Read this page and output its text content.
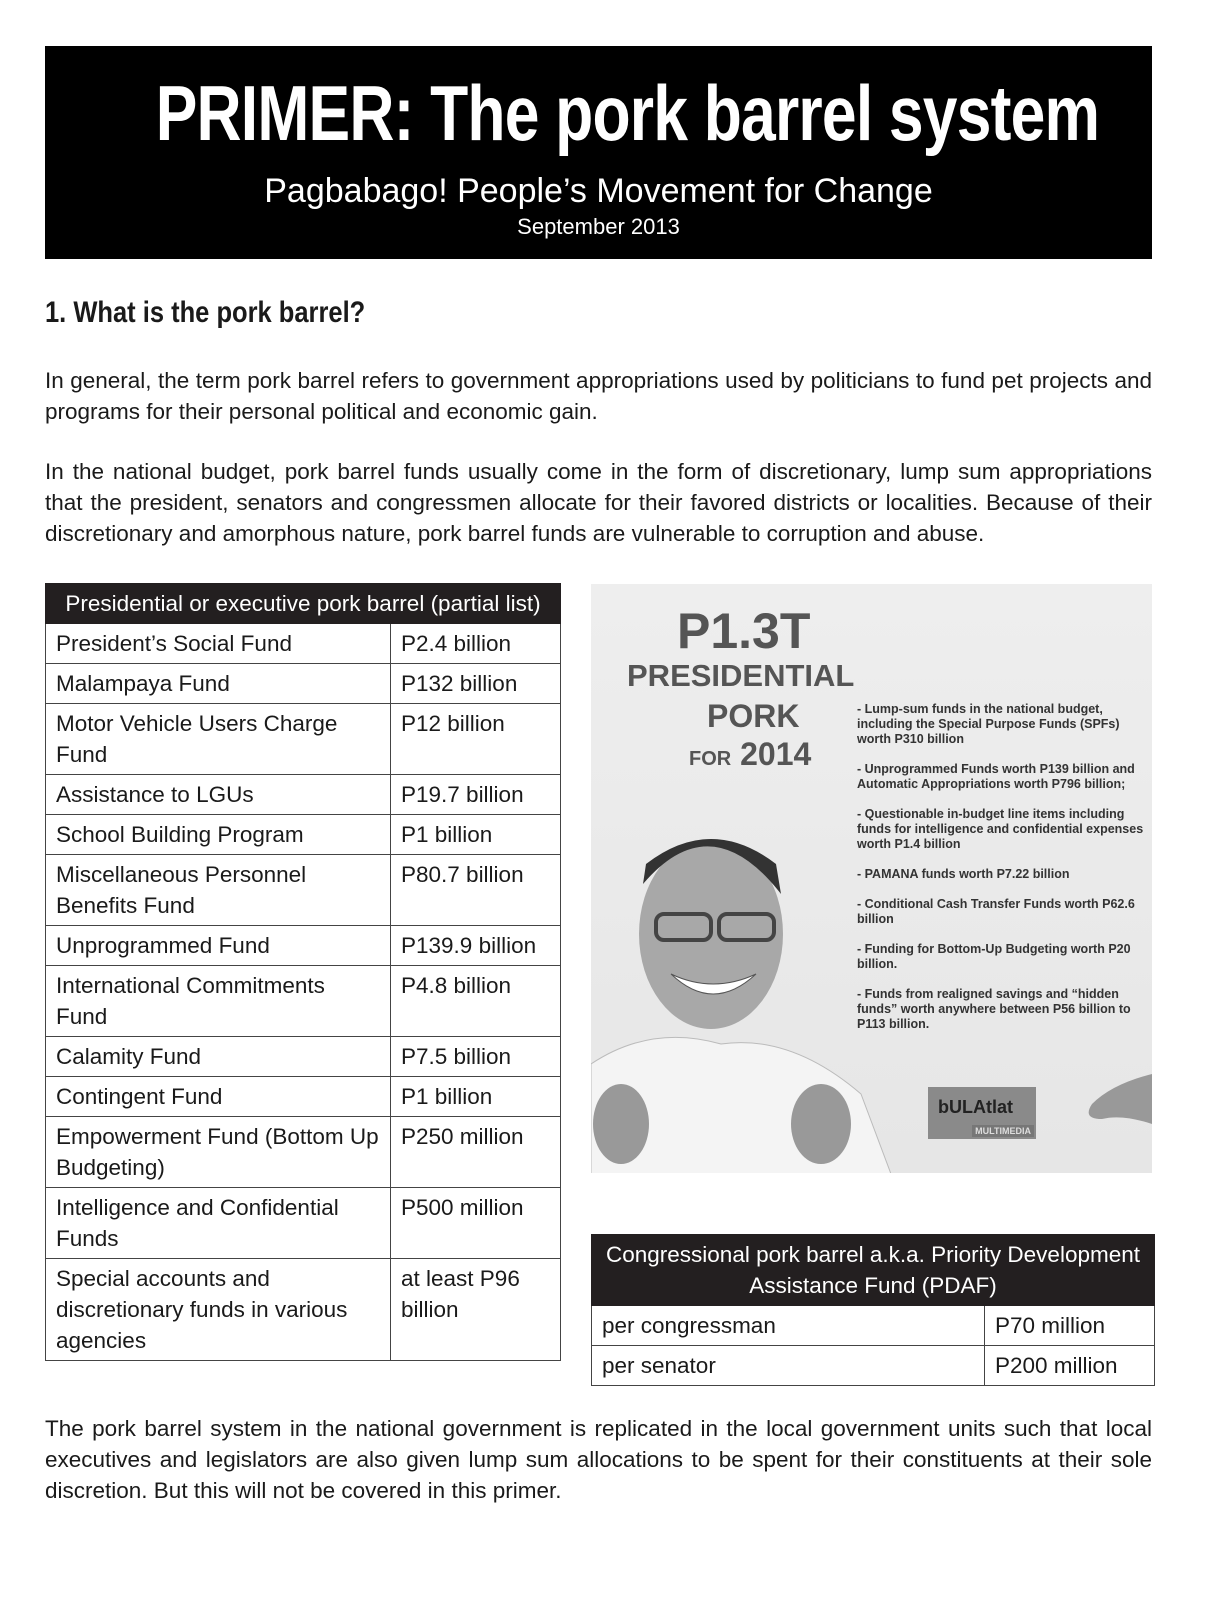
PRIMER: The pork barrel system
Pagbabago! People’s Movement for Change
September 2013
1. What is the pork barrel?
In general, the term pork barrel refers to government appropriations used by politicians to fund pet projects and programs for their personal political and economic gain.
In the national budget, pork barrel funds usually come in the form of discretionary, lump sum appropriations that the president, senators and congressmen allocate for their favored districts or localities. Because of their discretionary and amorphous nature, pork barrel funds are vulnerable to corruption and abuse.
Presidential or executive pork barrel (partial list)	
President’s Social Fund	P2.4 billion
Malampaya Fund	P132 billion
Motor Vehicle Users Charge Fund	P12 billion
Assistance to LGUs	P19.7 billion
School Building Program	P1 billion
Miscellaneous Personnel Benefits Fund	P80.7 billion
Unprogrammed Fund	P139.9 billion
International Commitments Fund	P4.8 billion
Calamity Fund	P7.5 billion
Contingent Fund	P1 billion
Empowerment Fund (Bottom Up Budgeting)	P250 million
Intelligence and Confidential Funds	P500 million
Special accounts and discretionary funds in various agencies	at least P96 billion
P1.3T
PRESIDENTIAL
PORK
FOR 2014
- Lump-sum funds in the national budget, including the Special Purpose Funds (SPFs) worth P310 billion
- Unprogrammed Funds worth P139 billion and Automatic Appropriations worth P796 billion;
- Questionable in-budget line items including funds for intelligence and confidential expenses worth P1.4 billion
- PAMANA funds worth P7.22 billion
- Conditional Cash Transfer Funds worth P62.6 billion
- Funding for Bottom-Up Budgeting worth P20 billion.
- Funds from realigned savings and “hidden funds” worth anywhere between P56 billion to P113 billion.
bULAtlat
MULTIMEDIA
Congressional pork barrel a.k.a. Priority Development Assistance Fund (PDAF)	
per congressman	P70 million
per senator	P200 million
The pork barrel system in the national government is replicated in the local government units such that local executives and legislators are also given lump sum allocations to be spent for their constituents at their sole discretion. But this will not be covered in this primer.
